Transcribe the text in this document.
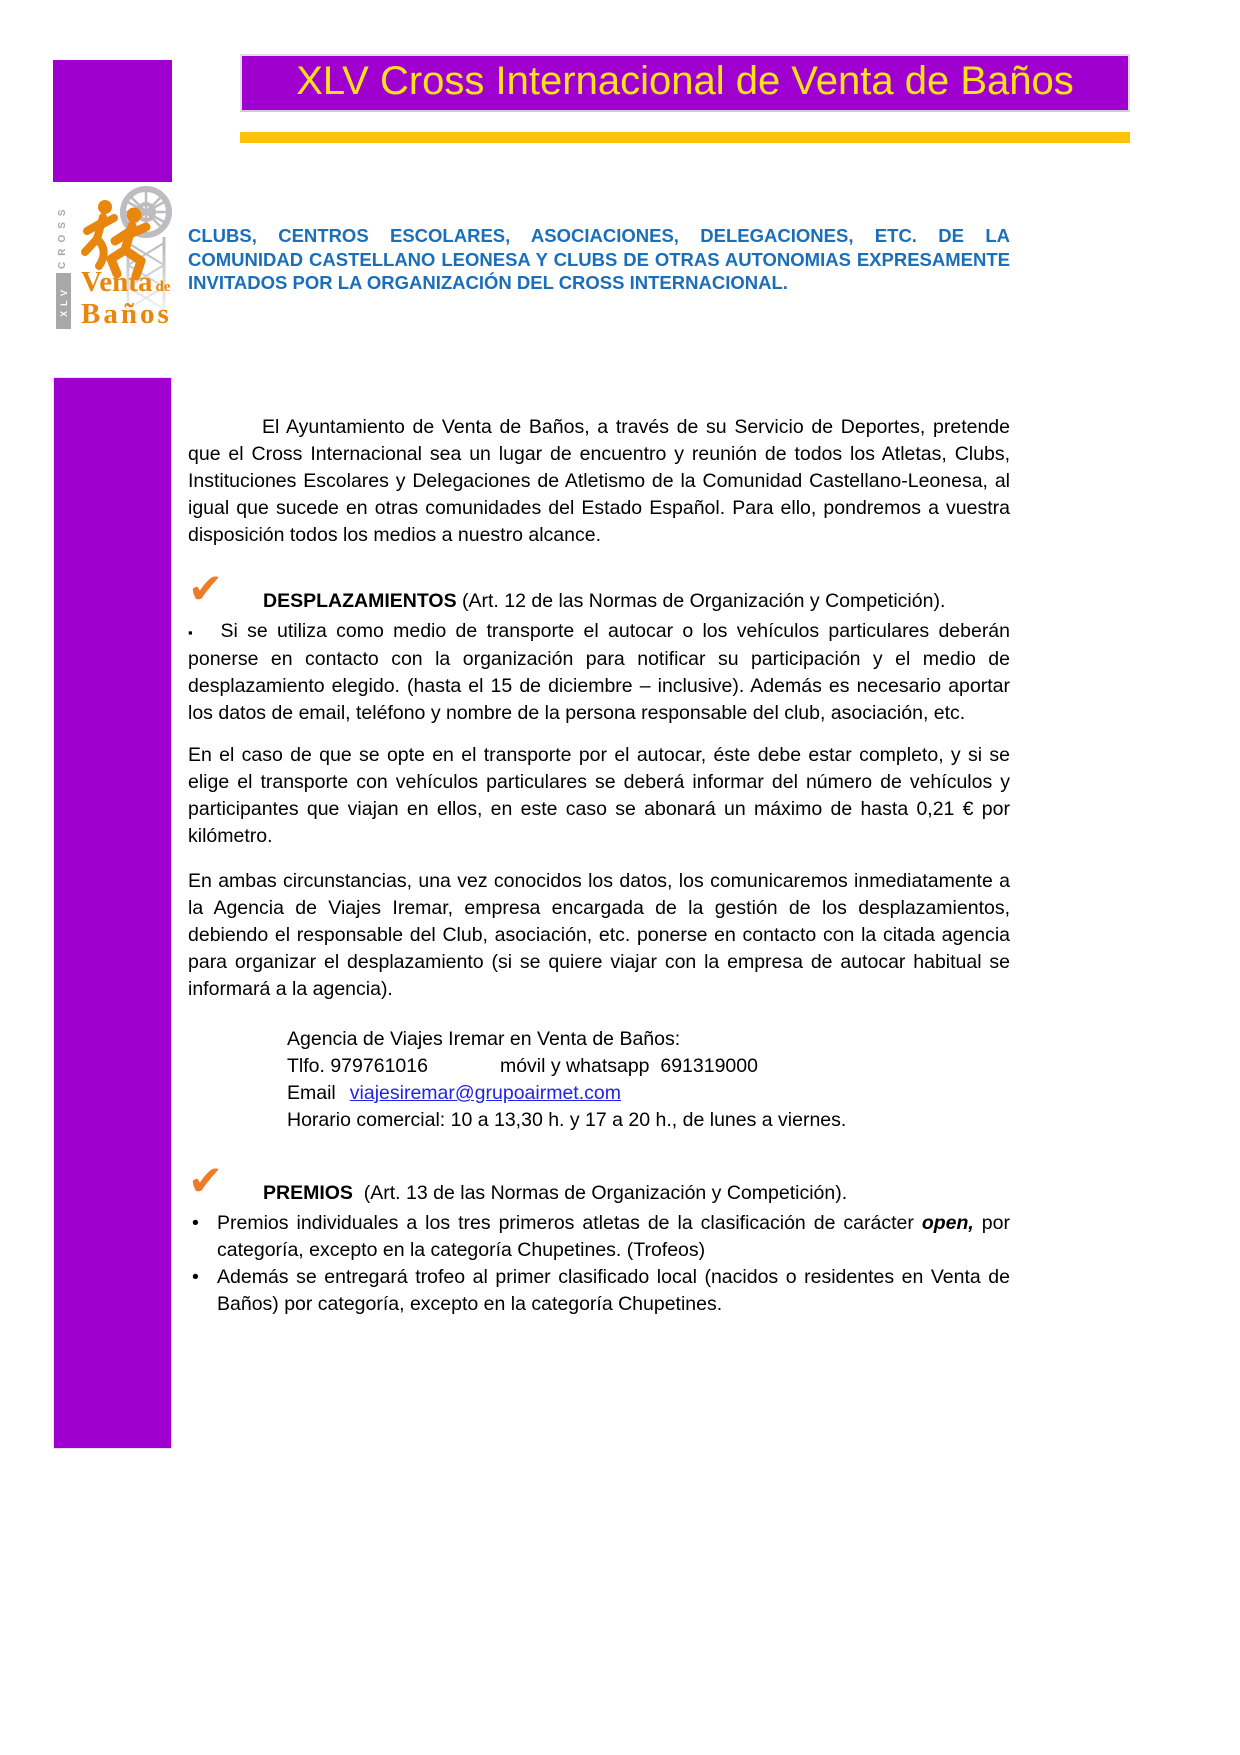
XLV Cross Internacional de Venta de Baños
CROSS
XLV
Venta de
Baños
CLUBS, CENTROS ESCOLARES, ASOCIACIONES, DELEGACIONES, ETC. DE LA COMUNIDAD CASTELLANO LEONESA Y CLUBS DE OTRAS AUTONOMIAS EXPRESAMENTE INVITADOS POR LA ORGANIZACIÓN DEL CROSS INTERNACIONAL.

El Ayuntamiento de Venta de Baños, a través de su Servicio de Deportes, pretende que el Cross Internacional sea un lugar de encuentro y reunión de todos los Atletas, Clubs, Instituciones Escolares y Delegaciones de Atletismo de la Comunidad Castellano-Leonesa, al igual que sucede en otras comunidades del Estado Español. Para ello, pondremos a vuestra disposición todos los medios a nuestro alcance.

✔ DESPLAZAMIENTOS (Art. 12 de las Normas de Organización y Competición).

▪ Si se utiliza como medio de transporte el autocar o los vehículos particulares deberán ponerse en contacto con la organización para notificar su participación y el medio de desplazamiento elegido. (hasta el 15 de diciembre – inclusive). Además es necesario aportar los datos de email, teléfono y nombre de la persona responsable del club, asociación, etc.

En el caso de que se opte en el transporte por el autocar, éste debe estar completo, y si se elige el transporte con vehículos particulares se deberá informar del número de vehículos y participantes que viajan en ellos, en este caso se abonará un máximo de hasta 0,21 € por kilómetro.

En ambas circunstancias, una vez conocidos los datos, los comunicaremos inmediatamente a la Agencia de Viajes Iremar, empresa encargada de la gestión de los desplazamientos, debiendo el responsable del Club, asociación, etc. ponerse en contacto con la citada agencia para organizar el desplazamiento (si se quiere viajar con la empresa de autocar habitual se informará a la agencia).

Agencia de Viajes Iremar en Venta de Baños:
Tlfo. 979761016	móvil y whatsapp  691319000
Email viajesiremar@grupoairmet.com
Horario comercial: 10 a 13,30 h. y 17 a 20 h., de lunes a viernes.

✔ PREMIOS  (Art. 13 de las Normas de Organización y Competición).

• Premios individuales a los tres primeros atletas de la clasificación de carácter open, por categoría, excepto en la categoría Chupetines. (Trofeos)
• Además se entregará trofeo al primer clasificado local (nacidos o residentes en Venta de Baños) por categoría, excepto en la categoría Chupetines.
